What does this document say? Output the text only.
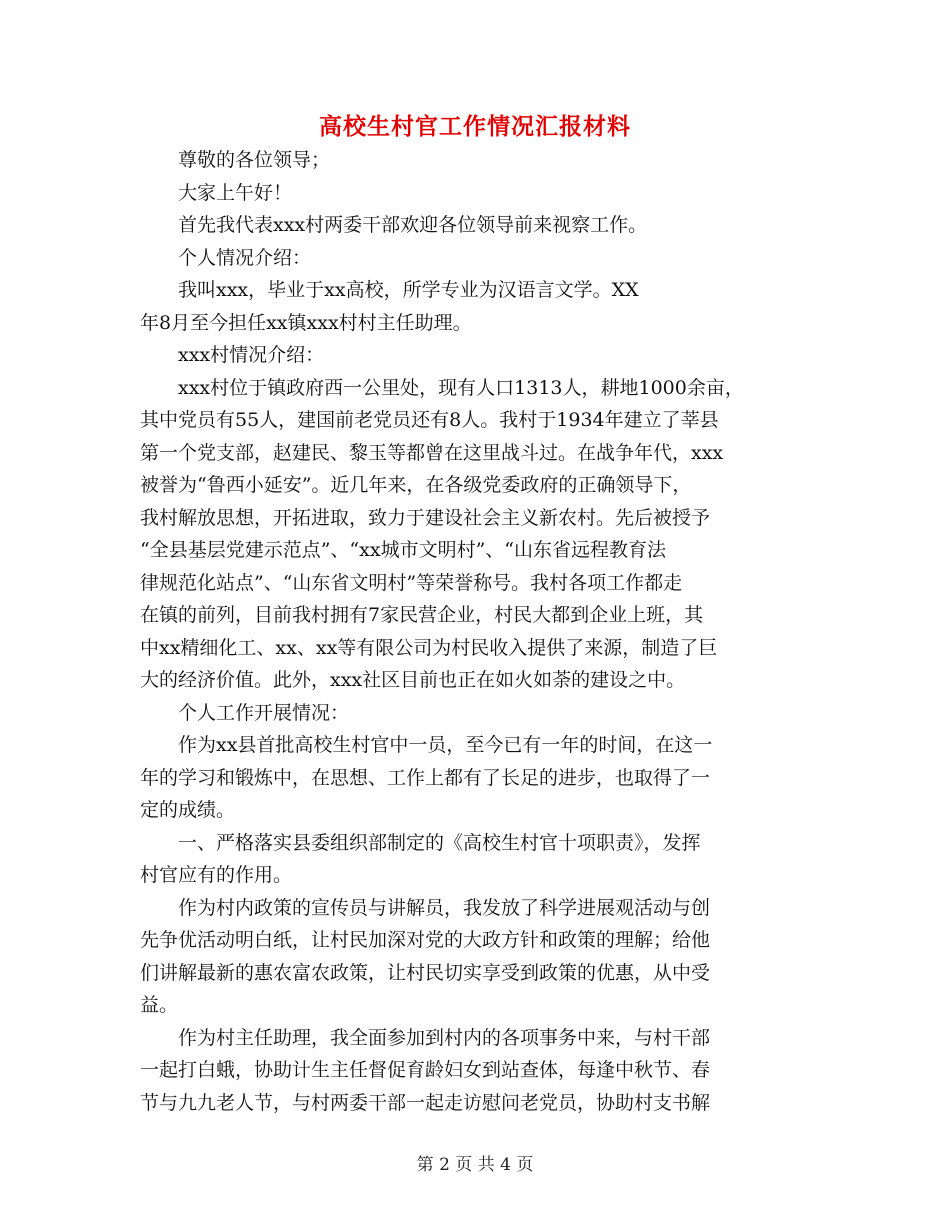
高校生村官工作情况汇报材料

尊敬的各位领导；

大家上午好！

首先我代表xxx村两委干部欢迎各位领导前来视察工作。

个人情况介绍：

我叫xxx，毕业于xx高校，所学专业为汉语言文学。XX
年8月至今担任xx镇xxx村村主任助理。

xxx村情况介绍：

xxx村位于镇政府西一公里处，现有人口1313人，耕地1000余亩，
其中党员有55人，建国前老党员还有8人。我村于1934年建立了莘县
第一个党支部，赵建民、黎玉等都曾在这里战斗过。在战争年代，xxx
被誉为“鲁西小延安”。近几年来，在各级党委政府的正确领导下，
我村解放思想，开拓进取，致力于建设社会主义新农村。先后被授予
“全县基层党建示范点”、“xx城市文明村”、“山东省远程教育法
律规范化站点”、“山东省文明村”等荣誉称号。我村各项工作都走
在镇的前列，目前我村拥有7家民营企业，村民大都到企业上班，其
中xx精细化工、xx、xx等有限公司为村民收入提供了来源，制造了巨
大的经济价值。此外，xxx社区目前也正在如火如荼的建设之中。

个人工作开展情况：

作为xx县首批高校生村官中一员，至今已有一年的时间，在这一
年的学习和锻炼中，在思想、工作上都有了长足的进步，也取得了一
定的成绩。

一、严格落实县委组织部制定的《高校生村官十项职责》，发挥
村官应有的作用。

作为村内政策的宣传员与讲解员，我发放了科学进展观活动与创
先争优活动明白纸，让村民加深对党的大政方针和政策的理解；给他
们讲解最新的惠农富农政策，让村民切实享受到政策的优惠，从中受
益。

作为村主任助理，我全面参加到村内的各项事务中来，与村干部
一起打白蛾，协助计生主任督促育龄妇女到站查体，每逢中秋节、春
节与九九老人节，与村两委干部一起走访慰问老党员，协助村支书解

第 2 页 共 4 页
